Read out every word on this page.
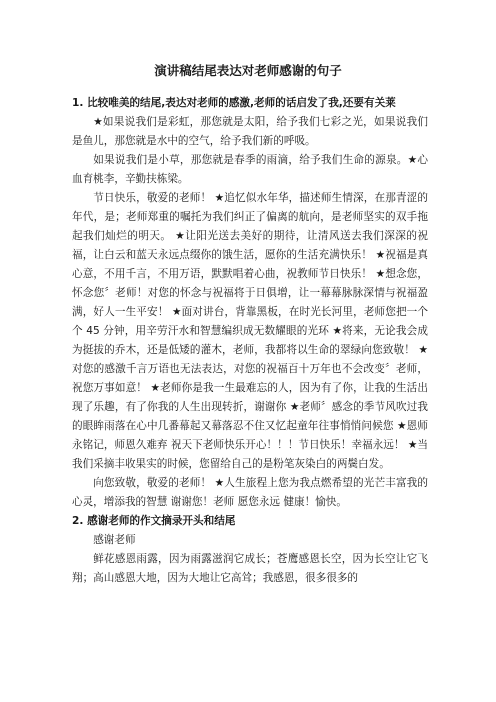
演讲稿结尾表达对老师感谢的句子

1. 比较唯美的结尾,表达对老师的感激,老师的话启发了我,还要有关莱

★如果说我们是彩虹，那您就是太阳，给予我们七彩之光，如果说我们是鱼儿，那您就是水中的空气，给予我们新的呼吸。

如果说我们是小草，那您就是春季的雨滴，给予我们生命的源泉。★心血育桃李，辛勤扶栋梁。

节日快乐，敬爱的老师！ ★追忆似水年华，描述师生情深，在那青涩的年代，是；老师郑重的嘱托为我们纠正了偏离的航向，是老师坚实的双手拖起我们灿烂的明天。 ★让阳光送去美好的期待，让清风送去我们深深的祝福，让白云和蓝天永远点缀你的饿生活，愿你的生活充满快乐！ ★祝福是真心意，不用千言，不用万语，默默唱着心曲，祝教师节日快乐！ ★想念您，怀念您〞老师！对您的怀念与祝福将于日俱增，让一幕幕脉脉深情与祝福盈满，好人一生平安！ ★面对讲台，背靠黑板，在时光长河里，老师您把一个个 45 分钟，用辛劳汗水和智慧编织成无数耀眼的光环 ★将来，无论我会成为挺拔的乔木，还是低矮的灌木，老师，我都将以生命的翠绿向您致敬！ ★对您的感激千言万语也无法表达，对您的祝福百十万年也不会改变〞老师，祝您万事如意！ ★老师你是我一生最难忘的人，因为有了你，让我的生活出现了乐趣，有了你我的人生出现转折，谢谢你 ★老师〞感念的季节风吹过我的眼眸雨落在心中几番幕起又幕落忍不住又忆起童年往事悄悄问候您 ★恩师永铭记，师恩久难弃 祝天下老师快乐开心！！！节日快乐！幸福永远！ ★当我们采摘丰收果实的时候，您留给自己的是粉笔灰染白的两鬓白发。

向您致敬，敬爱的老师！ ★人生旅程上您为我点燃希望的光芒丰富我的心灵，增添我的智慧 谢谢您！老师 愿您永远 健康！愉快。

2. 感谢老师的作文摘录开头和结尾

感谢老师

鲜花感恩雨露，因为雨露滋润它成长；苍鹰感恩长空，因为长空让它飞翔；高山感恩大地，因为大地让它高耸；我感恩，很多很多的
